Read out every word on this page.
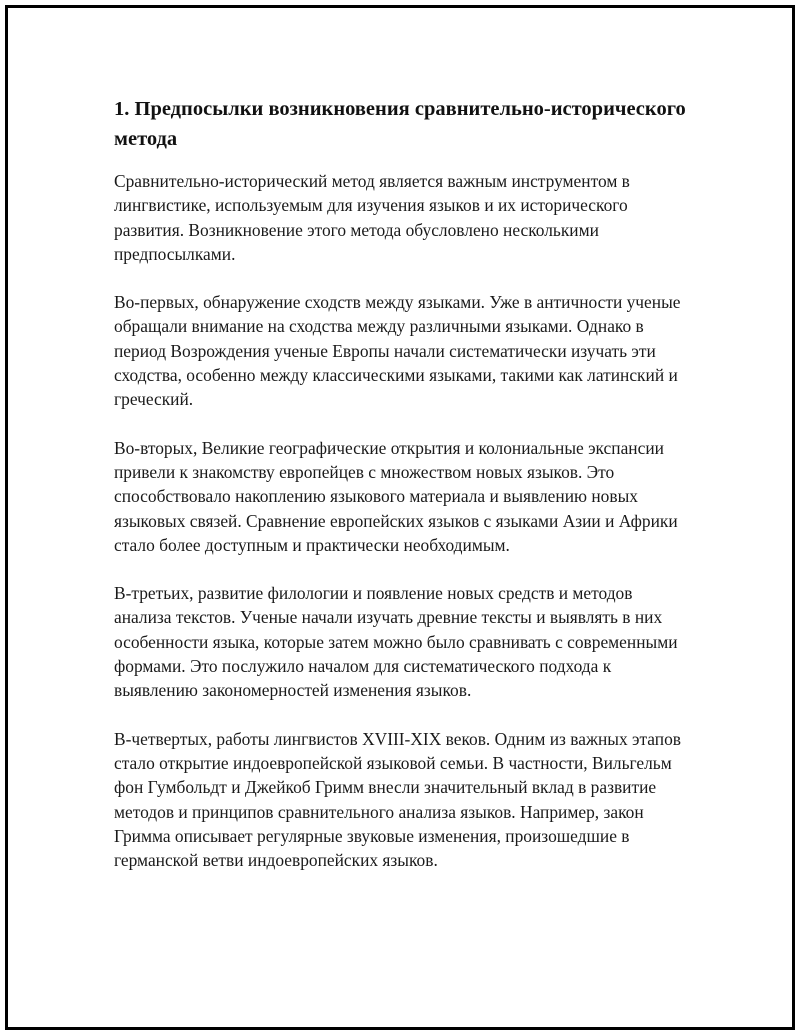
1. Предпосылки возникновения сравнительно-исторического метода

Сравнительно-исторический метод является важным инструментом в лингвистике, используемым для изучения языков и их исторического развития. Возникновение этого метода обусловлено несколькими предпосылками.

Во-первых, обнаружение сходств между языками. Уже в античности ученые обращали внимание на сходства между различными языками. Однако в период Возрождения ученые Европы начали систематически изучать эти сходства, особенно между классическими языками, такими как латинский и греческий.

Во-вторых, Великие географические открытия и колониальные экспансии привели к знакомству европейцев с множеством новых языков. Это способствовало накоплению языкового материала и выявлению новых языковых связей. Сравнение европейских языков с языками Азии и Африки стало более доступным и практически необходимым.

В-третьих, развитие филологии и появление новых средств и методов анализа текстов. Ученые начали изучать древние тексты и выявлять в них особенности языка, которые затем можно было сравнивать с современными формами. Это послужило началом для систематического подхода к выявлению закономерностей изменения языков.

В-четвертых, работы лингвистов XVIII-XIX веков. Одним из важных этапов стало открытие индоевропейской языковой семьи. В частности, Вильгельм фон Гумбольдт и Джейкоб Гримм внесли значительный вклад в развитие методов и принципов сравнительного анализа языков. Например, закон Гримма описывает регулярные звуковые изменения, произошедшие в германской ветви индоевропейских языков.
